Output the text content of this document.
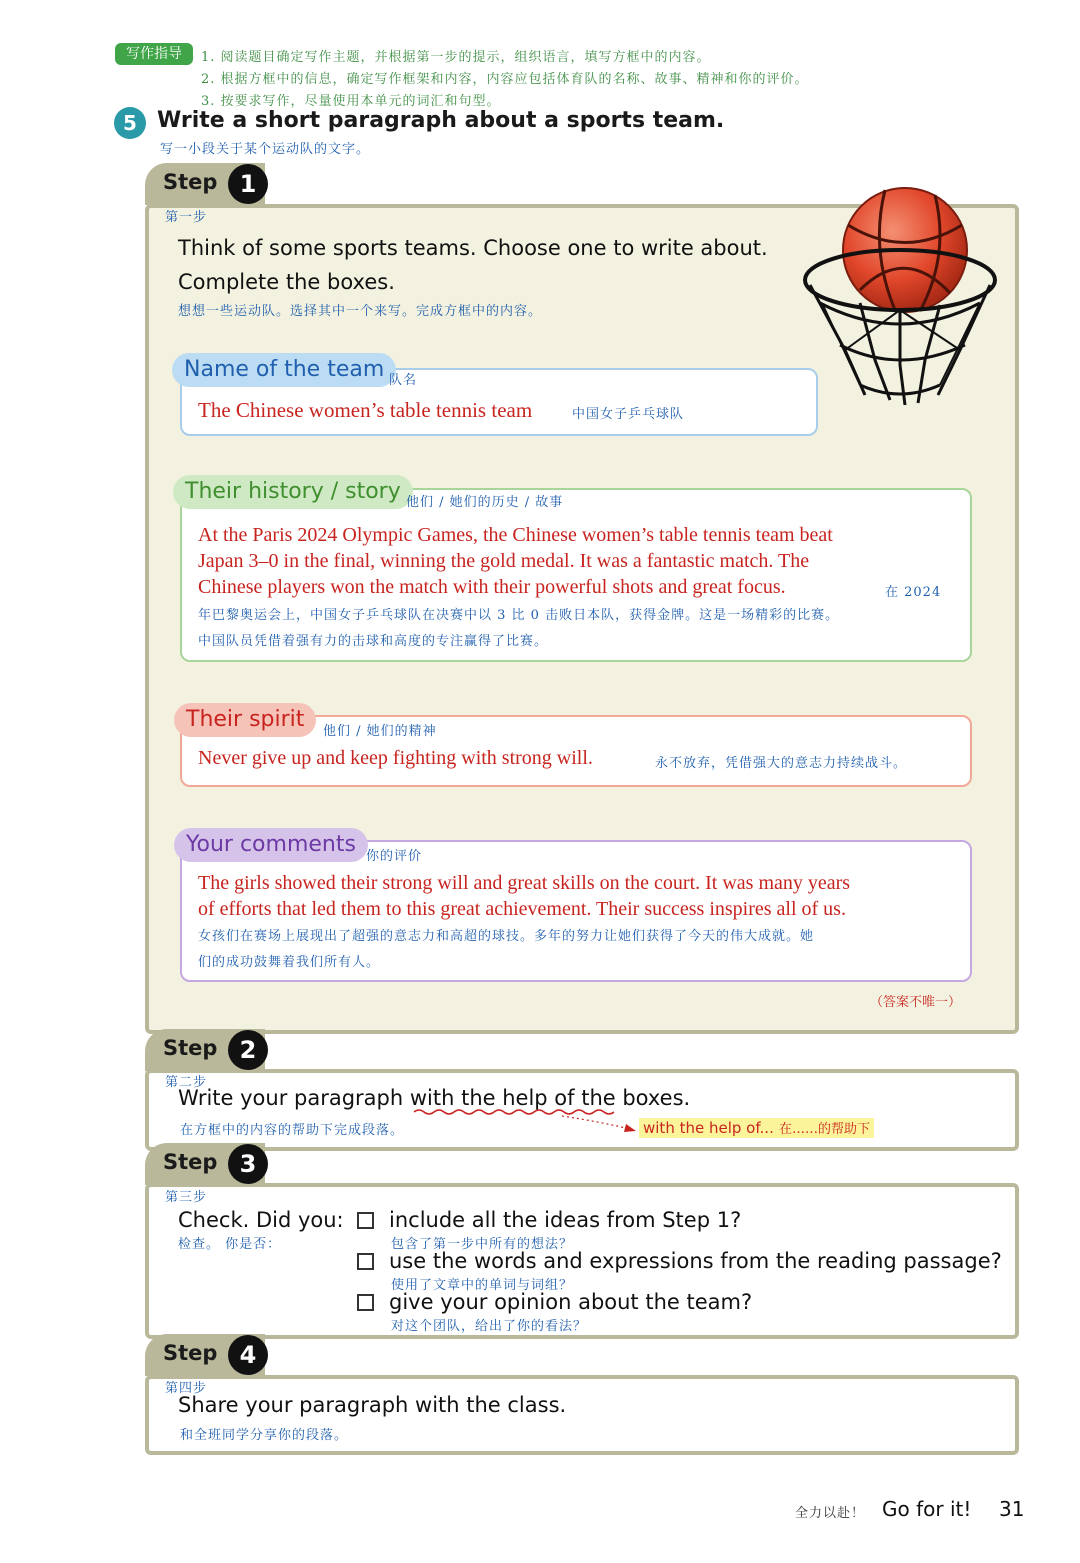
写作指导	1. 阅读题目确定写作主题，并根据第一步的提示，组织语言，填写方框中的内容。
2. 根据方框中的信息，确定写作框架和内容，内容应包括体育队的名称、故事、精神和你的评价。
3. 按要求写作，尽量使用本单元的词汇和句型。
5 Write a short paragraph about a sports team.
写一小段关于某个运动队的文字。
Step 1
第一步
Think of some sports teams. Choose one to write about.
Complete the boxes.
想想一些运动队。选择其中一个来写。完成方框中的内容。
Name of the team 队名
The Chinese women’s table tennis team	中国女子乒乓球队
Their history / story 他们 / 她们的历史 / 故事
At the Paris 2024 Olympic Games, the Chinese women’s table tennis team beat
Japan 3–0 in the final, winning the gold medal. It was a fantastic match. The
Chinese players won the match with their powerful shots and great focus.	在 2024
年巴黎奥运会上，中国女子乒乓球队在决赛中以 3 比 0 击败日本队，获得金牌。这是一场精彩的比赛。
中国队员凭借着强有力的击球和高度的专注赢得了比赛。
Their spirit	他们 / 她们的精神
Never give up and keep fighting with strong will.	永不放弃，凭借强大的意志力持续战斗。
Your comments 你的评价
The girls showed their strong will and great skills on the court. It was many years
of efforts that led them to this great achievement. Their success inspires all of us.
女孩们在赛场上展现出了超强的意志力和高超的球技。多年的努力让她们获得了今天的伟大成就。她
们的成功鼓舞着我们所有人。
（答案不唯一）
Step 2
第二步
Write your paragraph with the help of the boxes.
在方框中的内容的帮助下完成段落。	with the help of... 在……的帮助下
Step 3
第三步
Check. Did you:
检查。 你是否：
include all the ideas from Step 1?
包含了第一步中所有的想法？
use the words and expressions from the reading passage?
使用了文章中的单词与词组？
give your opinion about the team?
对这个团队，给出了你的看法？
Step 4
第四步
Share your paragraph with the class.
和全班同学分享你的段落。
全力以赴！ Go for it! 31
